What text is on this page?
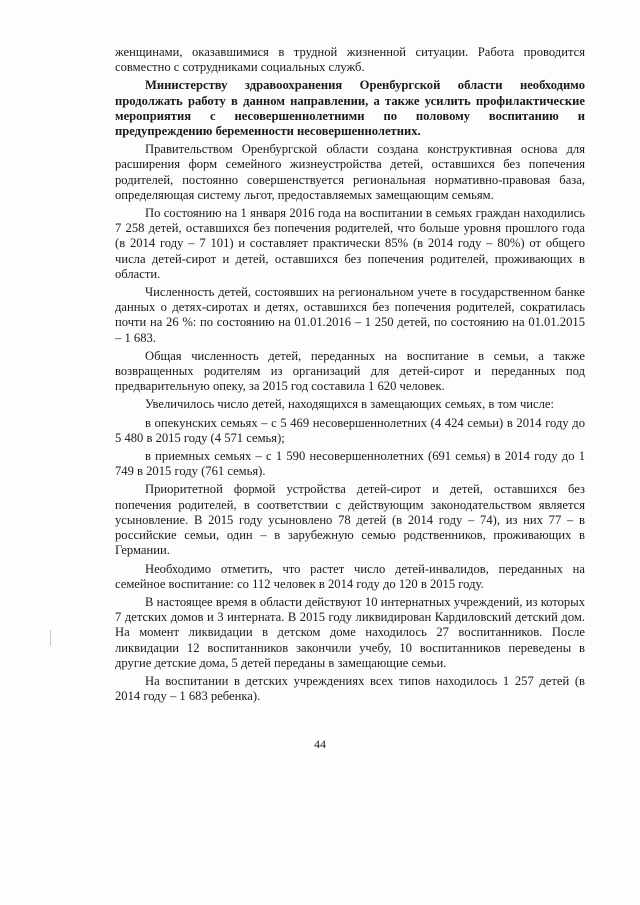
женщинами, оказавшимися в трудной жизненной ситуации. Работа проводится совместно с сотрудниками социальных служб.

Министерству здравоохранения Оренбургской области необходимо продолжать работу в данном направлении, а также усилить профилактические мероприятия с несовершеннолетними по половому воспитанию и предупреждению беременности несовершеннолетних.

Правительством Оренбургской области создана конструктивная основа для расширения форм семейного жизнеустройства детей, оставшихся без попечения родителей, постоянно совершенствуется региональная нормативно-правовая база, определяющая систему льгот, предоставляемых замещающим семьям.

По состоянию на 1 января 2016 года на воспитании в семьях граждан находились 7 258 детей, оставшихся без попечения родителей, что больше уровня прошлого года (в 2014 году – 7 101) и составляет практически 85% (в 2014 году – 80%) от общего числа детей-сирот и детей, оставшихся без попечения родителей, проживающих в области.

Численность детей, состоявших на региональном учете в государственном банке данных о детях-сиротах и детях, оставшихся без попечения родителей, сократилась почти на 26 %: по состоянию на 01.01.2016 – 1 250 детей, по состоянию на 01.01.2015 – 1 683.

Общая численность детей, переданных на воспитание в семьи, а также возвращенных родителям из организаций для детей-сирот и переданных под предварительную опеку, за 2015 год составила 1 620 человек.

Увеличилось число детей, находящихся в замещающих семьях, в том числе:

в опекунских семьях – с 5 469 несовершеннолетних (4 424 семьи) в 2014 году до 5 480 в 2015 году (4 571 семья);

в приемных семьях – с 1 590 несовершеннолетних (691 семья) в 2014 году до 1 749 в 2015 году (761 семья).

Приоритетной формой устройства детей-сирот и детей, оставшихся без попечения родителей, в соответствии с действующим законодательством является усыновление. В 2015 году усыновлено 78 детей (в 2014 году – 74), из них 77 – в российские семьи, один – в зарубежную семью родственников, проживающих в Германии.

Необходимо отметить, что растет число детей-инвалидов, переданных на семейное воспитание: со 112 человек в 2014 году до 120 в 2015 году.

В настоящее время в области действуют 10 интернатных учреждений, из которых 7 детских домов и 3 интерната. В 2015 году ликвидирован Кардиловский детский дом. На момент ликвидации в детском доме находилось 27 воспитанников. После ликвидации 12 воспитанников закончили учебу, 10 воспитанников переведены в другие детские дома, 5 детей переданы в замещающие семьи.

На воспитании в детских учреждениях всех типов находилось 1 257 детей (в 2014 году – 1 683 ребенка).

44
